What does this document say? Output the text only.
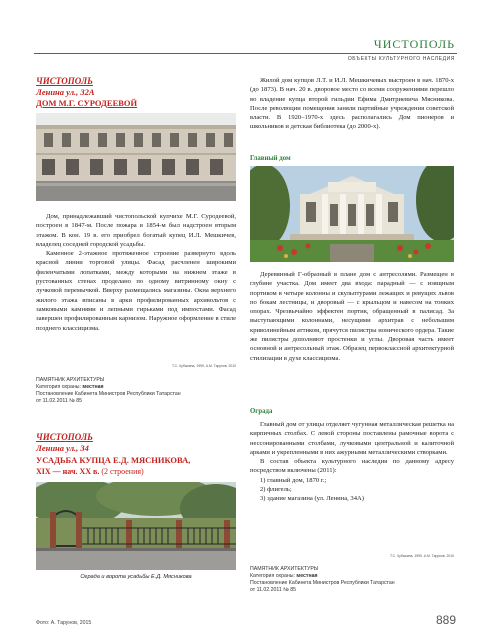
ЧИСТОПОЛЬ
ОБЪЕКТЫ КУЛЬТУРНОГО НАСЛЕДИЯ
ЧИСТОПОЛЬ
Ленина ул., 32А
ДОМ М.Г. СУРОДЕЕВОЙ

Дом, принадлежавший чистопольской купчихе М.Г. Суродеевой, построен в 1847-м. После пожара в 1854-м был надстроен вторым этажом. В кон. 19 в. его приобрел богатый купец И.Л. Мешкичев, владелец соседней городской усадьбы.

Каменное 2-этажное протяженное строение развернуто вдоль красной линии торговой улицы. Фасад расчленен широкими филенчатыми лопатками, между которыми на нижнем этаже в рустованных стенах проделано по одному витринному окну с лучковой перемычкой. Вверху размещались магазины. Окна верхнего жилого этажа вписаны в арки профилированных архивольтов с замковыми камнями и лепными гирьками под импостами. Фасад завершен профилированным карнизом. Наружное оформление в стиле позднего классицизма.

Т.С. Чубыкина, 1999, А.М. Тарунов, 2010
ПАМЯТНИК АРХИТЕКТУРЫ
Категория охраны: местная
Постановление Кабинета Министров Республики Татарстан
от 11.02.2011 № 85
ЧИСТОПОЛЬ
Ленина ул., 34
УСАДЬБА КУПЦА Е.Д. МЯСНИКОВА,
XIX — нач. XX в. (2 строения)
Ограда и ворота усадьбы Е.Д. Мясникова

Жилой дом купцов Л.Т. и И.Л. Мешкичевых выстроен в нач. 1870-х (до 1873). В нач. 20 в. дворовое место со всеми сооружениями перешло во владение купца второй гильдии Ефима Дмитриевича Мясникова. После революции помещения заняли партийные учреждения советской власти. В 1920–1970-х здесь располагались Дом пионеров и школьников и детская библиотека (до 2000-х).

Главный дом

Деревянный Г-образный в плане дом с антресолями. Размещен в глубине участка. Дом имеет два входа: парадный — с изящным портиком в четыре колонны и скульптурами лежащих и ревущих львов по бокам лестницы, и дворовый — с крыльцом и навесом на тонких опорах. Чрезвычайно эффектен портик, обращенный в палисад. За выступающими колоннами, несущими архитрав с небольшим криволинейным аттиком, прячутся пилястры ионического ордера. Такие же пилястры дополняют простенки и углы. Дворовая часть имеет основной и антресольный этаж. Образец первоклассной архитектурной стилизации в духе классицизма.

Ограда

Главный дом от улицы отделяет чугунная металлическая решетка на кирпичных столбах. С левой стороны поставлены рамочные ворота с нессонированными столбами, лучковыми центральной и калиточной арками и укрепленными в них ажурными металлическими створками.

В состав объекта культурного наследия по данному адресу посредством включены (2011):

1) главный дом, 1870 г.;
2) флигель;
3) здание магазина (ул. Ленина, 34А)
Т.С. Чубыкина, 1999, А.М. Тарунов, 2010
ПАМЯТНИК АРХИТЕКТУРЫ
Категория охраны: местная
Постановление Кабинета Министров Республики Татарстан
от 11.02.2011 № 85
Фото: А. Тарунов, 2015	889
